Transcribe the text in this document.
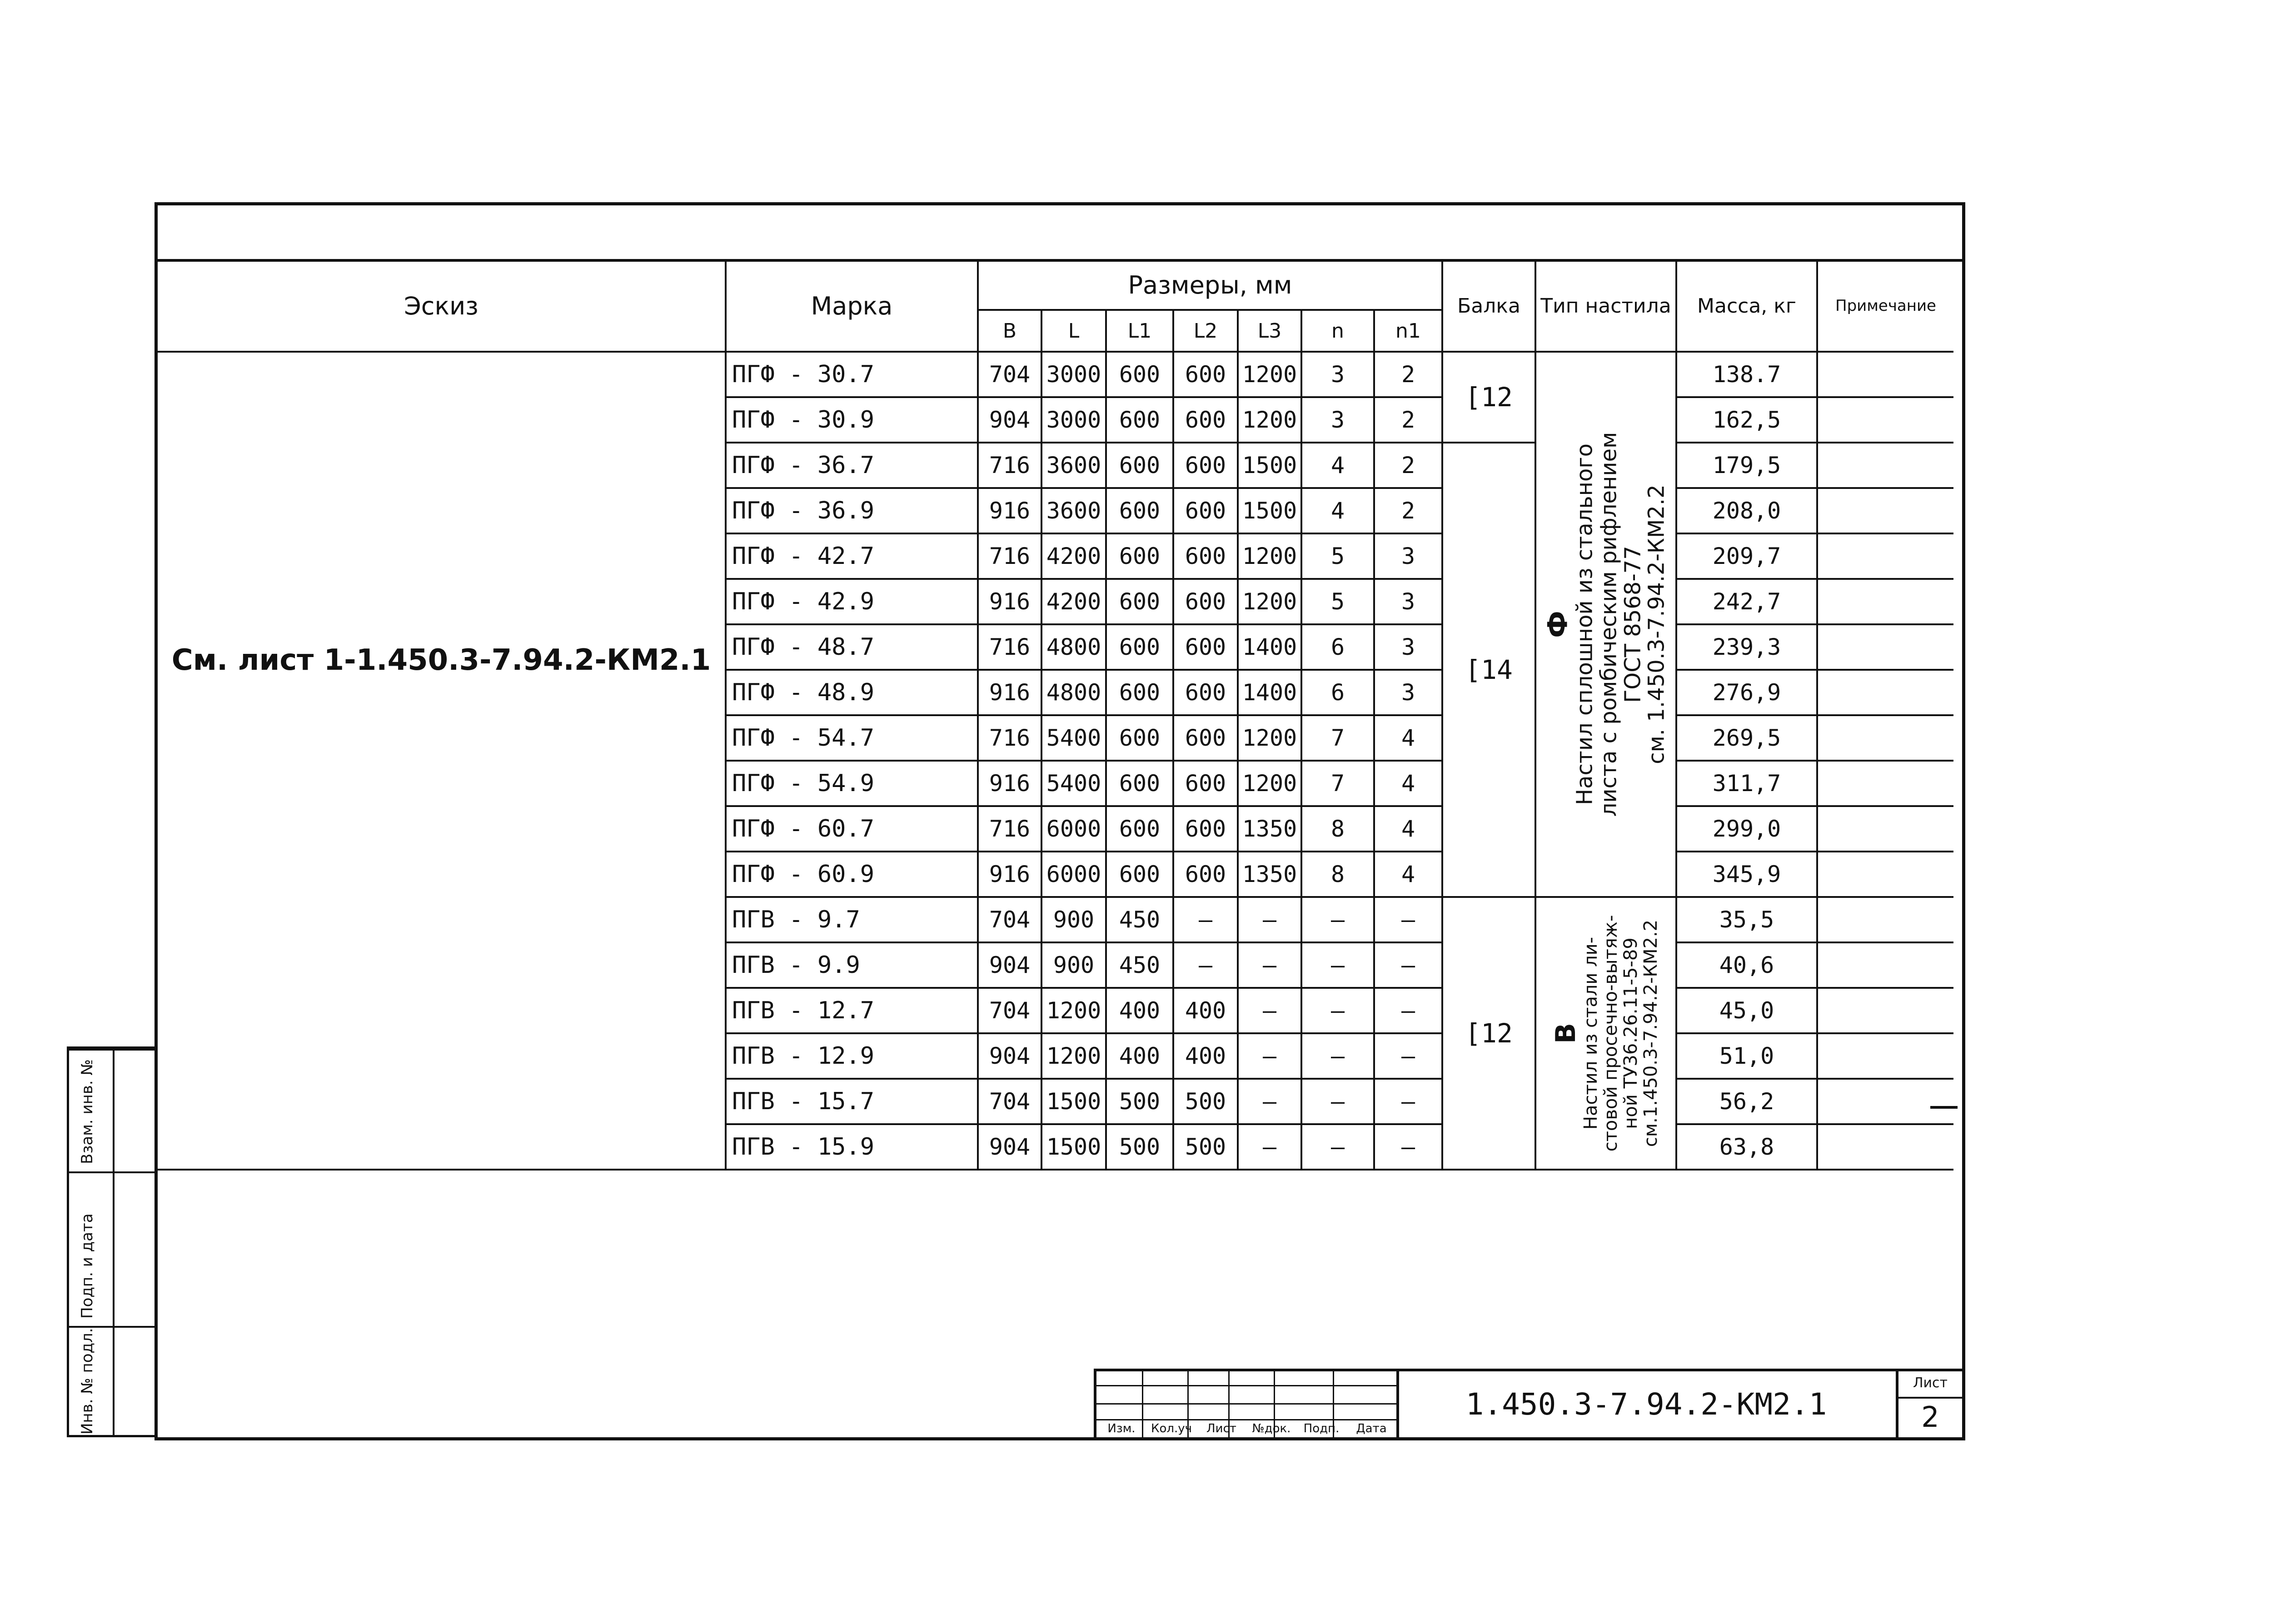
Эскиз	Марка	Размеры, мм							Балка	Тип настила	Масса, кг	Примечание
		В	L	L1	L2	L3	n	n1				
См. лист 1-1.450.3-7.94.2-КМ2.1	ПГФ - 30.7	704	3000	600	600	1200	3	2	[12	Ф
Настил сплошной из стального
листа с ромбическим рифлением
ГОСТ 8568-77
см. 1.450.3-7.94.2-КМ2.2	138.7	
	ПГФ - 30.9	904	3000	600	600	1200	3	2			162,5	
	ПГФ - 36.7	716	3600	600	600	1500	4	2	[14		179,5	
	ПГФ - 36.9	916	3600	600	600	1500	4	2			208,0	
	ПГФ - 42.7	716	4200	600	600	1200	5	3			209,7	
	ПГФ - 42.9	916	4200	600	600	1200	5	3			242,7	
	ПГФ - 48.7	716	4800	600	600	1400	6	3			239,3	
	ПГФ - 48.9	916	4800	600	600	1400	6	3			276,9	
	ПГФ - 54.7	716	5400	600	600	1200	7	4			269,5	
	ПГФ - 54.9	916	5400	600	600	1200	7	4			311,7	
	ПГФ - 60.7	716	6000	600	600	1350	8	4			299,0	
	ПГФ - 60.9	916	6000	600	600	1350	8	4			345,9	
	ПГВ - 9.7	704	900	450	—	—	—	—	[12	В
Настил из стали ли-
стовой просечно-вытяж-
ной ТУ36.26.11-5-89
см.1.450.3-7.94.2-КМ2.2	35,5	
	ПГВ - 9.9	904	900	450	—	—	—	—			40,6	
	ПГВ - 12.7	704	1200	400	400	—	—	—			45,0	
	ПГВ - 12.9	904	1200	400	400	—	—	—			51,0	
	ПГВ - 15.7	704	1500	500	500	—	—	—			56,2	
	ПГВ - 15.9	904	1500	500	500	—	—	—			63,8	
Изм.	Кол.уч	Лист	№док.	Подп.	Дата
1.450.3-7.94.2-КМ2.1
Лист
2
Взам. инв. №
Подп. и дата
Инв. № подл.
